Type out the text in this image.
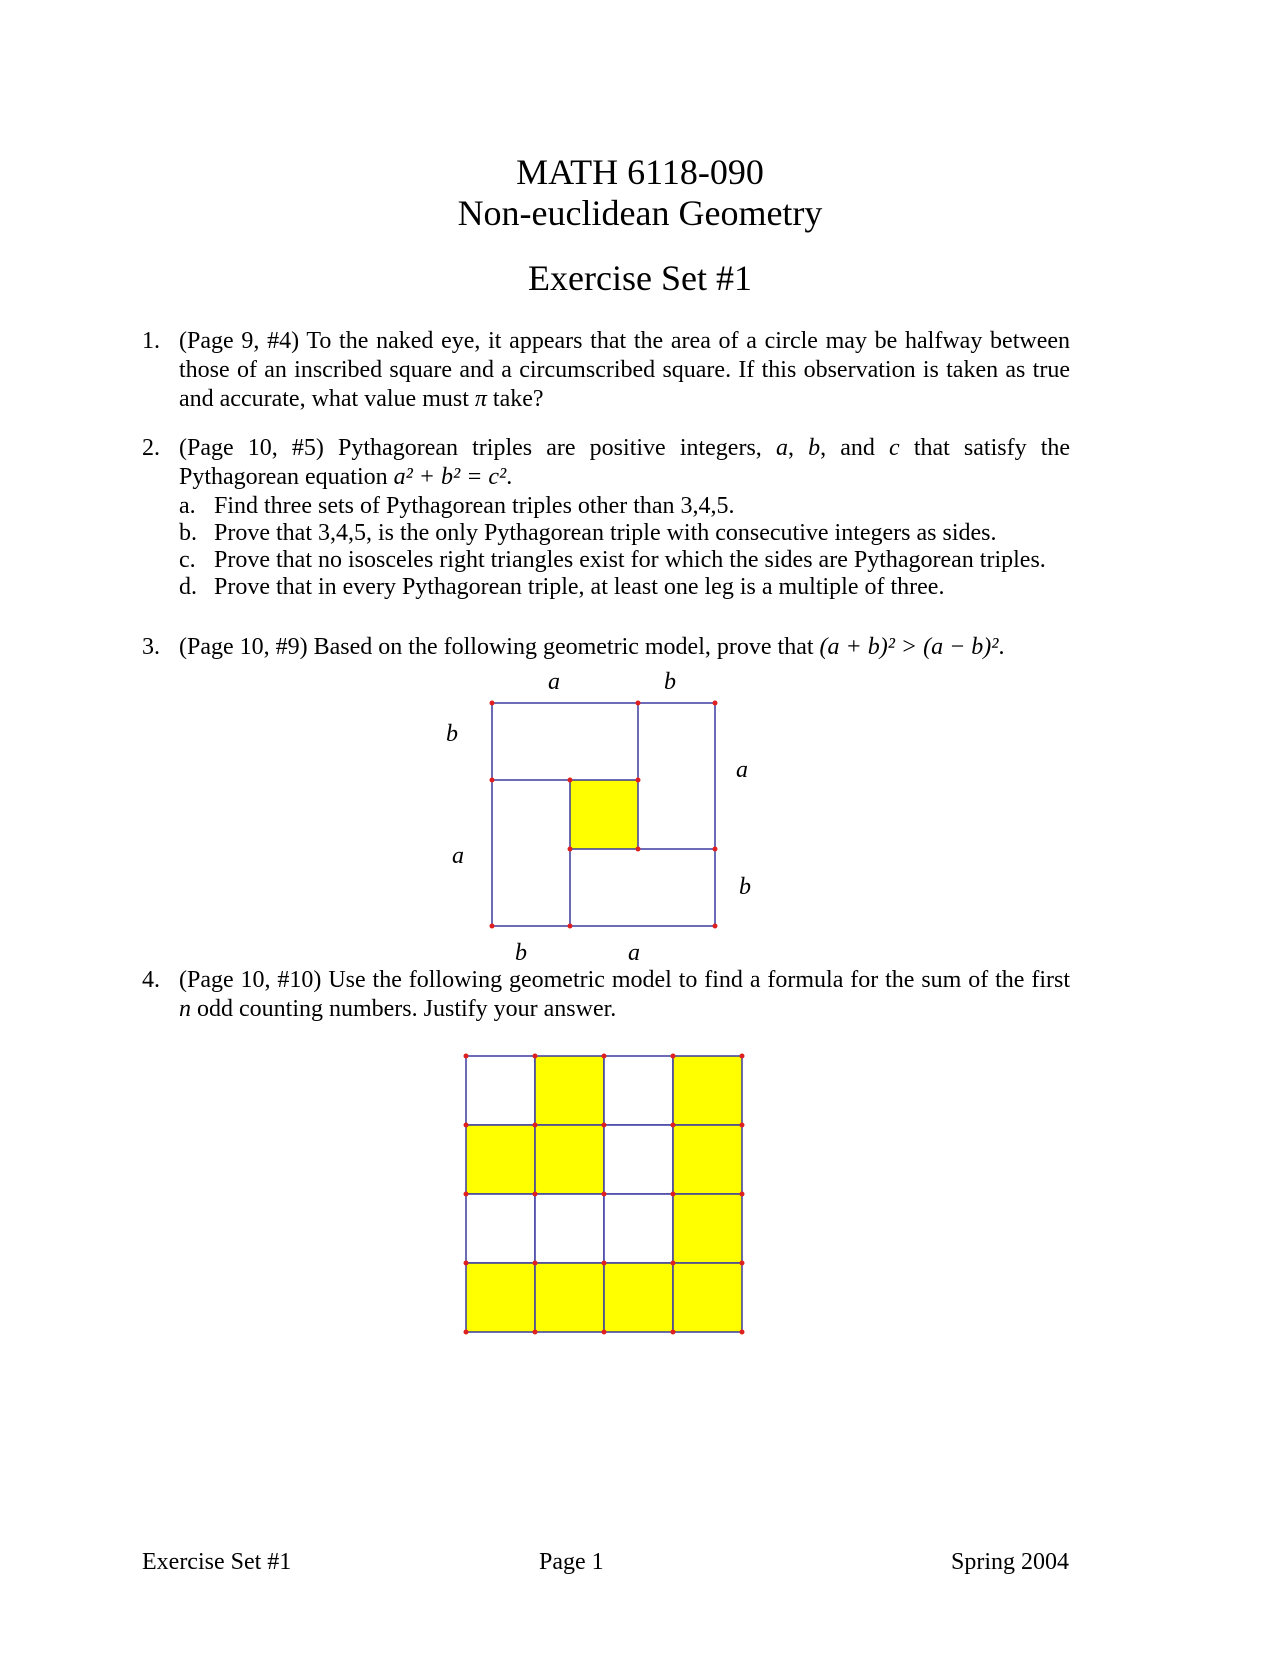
MATH 6118-090
Non-euclidean Geometry
Exercise Set #1
1. (Page 9, #4) To the naked eye, it appears that the area of a circle may be halfway between those of an inscribed square and a circumscribed square. If this observation is taken as true and accurate, what value must π take?
2. (Page 10, #5) Pythagorean triples are positive integers, a, b, and c that satisfy the Pythagorean equation a² + b² = c².
a. Find three sets of Pythagorean triples other than 3,4,5.
b. Prove that 3,4,5, is the only Pythagorean triple with consecutive integers as sides.
c. Prove that no isosceles right triangles exist for which the sides are Pythagorean triples.
d. Prove that in every Pythagorean triple, at least one leg is a multiple of three.
3. (Page 10, #9) Based on the following geometric model, prove that (a + b)² > (a − b)².
a	b
b
a
a
b
b	a
4. (Page 10, #10) Use the following geometric model to find a formula for the sum of the first n odd counting numbers. Justify your answer.
Exercise Set #1	Page 1	Spring 2004
